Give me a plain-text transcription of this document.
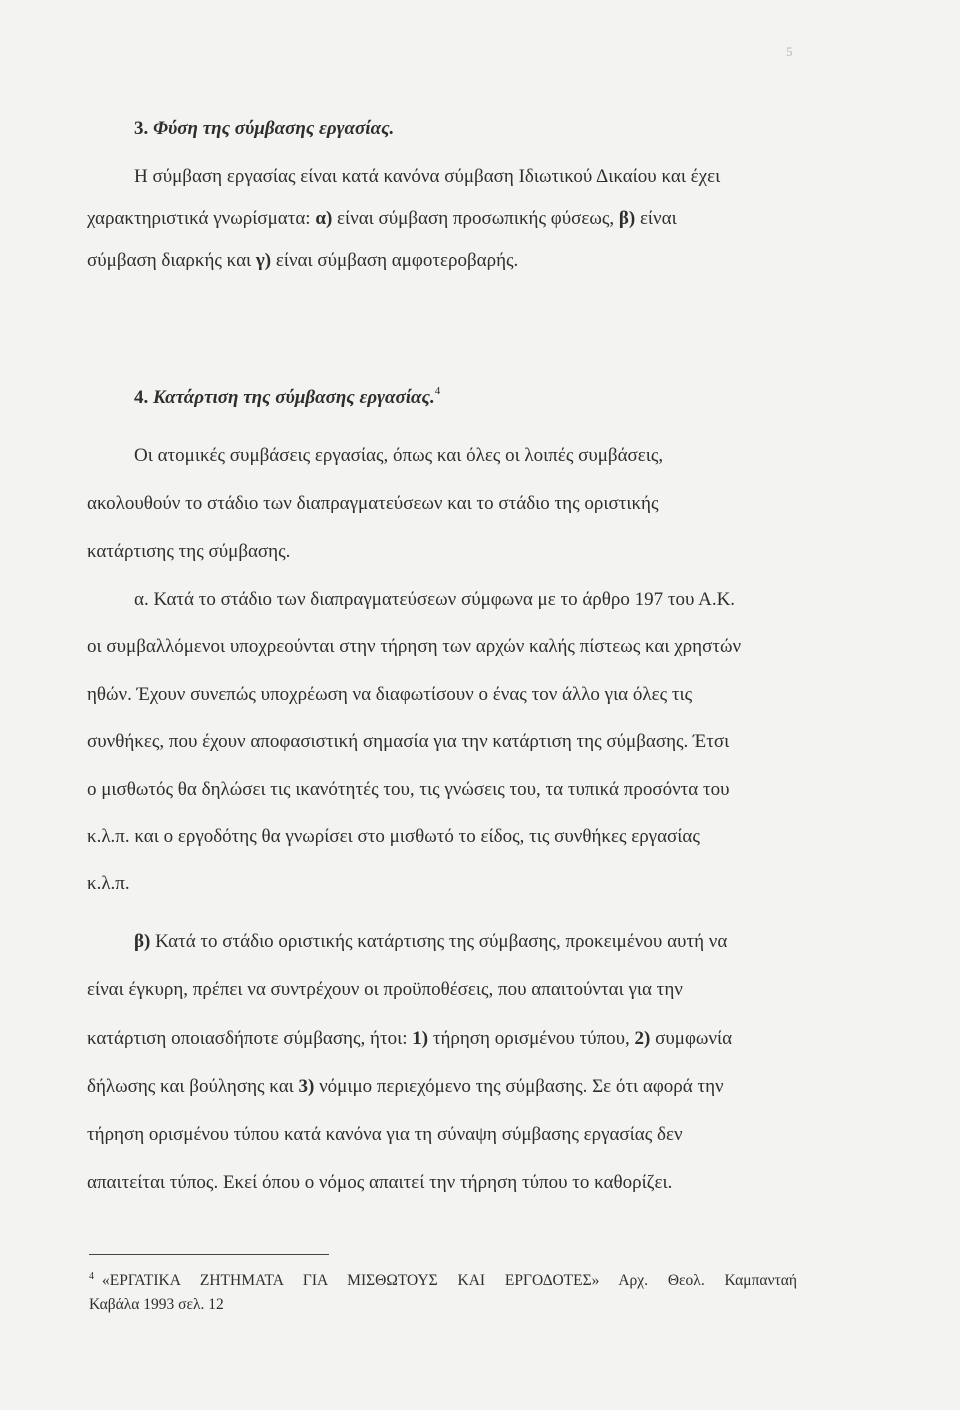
5
3. Φύση της σύμβασης εργασίας.

Η σύμβαση εργασίας είναι κατά κανόνα σύμβαση Ιδιωτικού Δικαίου και έχει
χαρακτηριστικά γνωρίσματα: α) είναι σύμβαση προσωπικής φύσεως, β) είναι
σύμβαση διαρκής και γ) είναι σύμβαση αμφοτεροβαρής.

4. Κατάρτιση της σύμβασης εργασίας.$^4$

Οι ατομικές συμβάσεις εργασίας, όπως και όλες οι λοιπές συμβάσεις,
ακολουθούν το στάδιο των διαπραγματεύσεων και το στάδιο της οριστικής
κατάρτισης της σύμβασης.

α. Κατά το στάδιο των διαπραγματεύσεων σύμφωνα με το άρθρο 197 του Α.Κ.
οι συμβαλλόμενοι υποχρεούνται στην τήρηση των αρχών καλής πίστεως και χρηστών
ηθών. Έχουν συνεπώς υποχρέωση να διαφωτίσουν ο ένας τον άλλο για όλες τις
συνθήκες, που έχουν αποφασιστική σημασία για την κατάρτιση της σύμβασης. Έτσι
ο μισθωτός θα δηλώσει τις ικανότητές του, τις γνώσεις του, τα τυπικά προσόντα του
κ.λ.π. και ο εργοδότης θα γνωρίσει στο μισθωτό το είδος, τις συνθήκες εργασίας
κ.λ.π.

β) Κατά το στάδιο οριστικής κατάρτισης της σύμβασης, προκειμένου αυτή να
είναι έγκυρη, πρέπει να συντρέχουν οι προϋποθέσεις, που απαιτούνται για την
κατάρτιση οποιασδήποτε σύμβασης, ήτοι: 1) τήρηση ορισμένου τύπου, 2) συμφωνία
δήλωσης και βούλησης και 3) νόμιμο περιεχόμενο της σύμβασης. Σε ότι αφορά την
τήρηση ορισμένου τύπου κατά κανόνα για τη σύναψη σύμβασης εργασίας δεν
απαιτείται τύπος. Εκεί όπου ο νόμος απαιτεί την τήρηση τύπου το καθορίζει.

$^4$ «ΕΡΓΑΤΙΚΑ ΖΗΤΗΜΑΤΑ ΓΙΑ ΜΙΣΘΩΤΟΥΣ ΚΑΙ ΕΡΓΟΔΟΤΕΣ» Αρχ. Θεολ. Καμπανταή
Καβάλα 1993 σελ. 12
